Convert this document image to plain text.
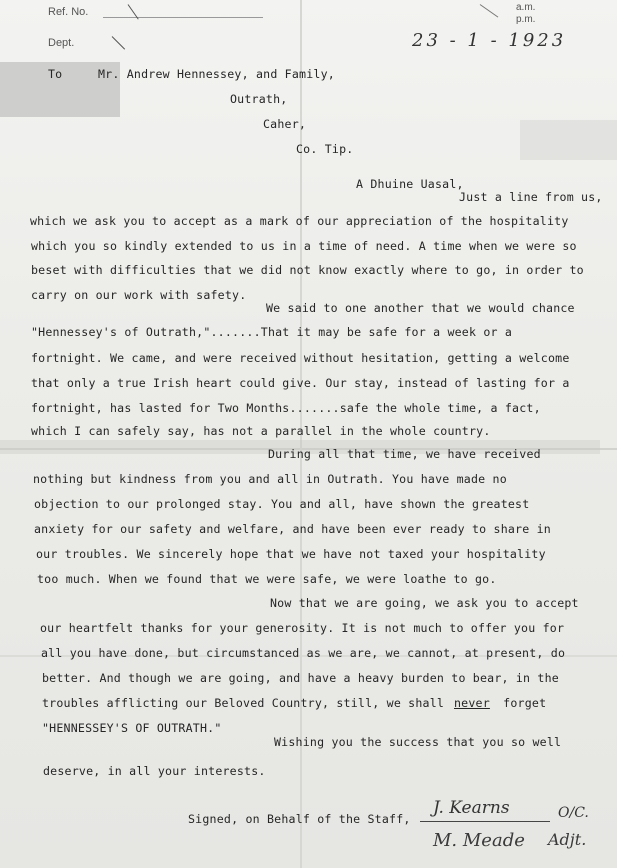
Ref. No.
Dept.
a.m.
p.m.
23 - 1 - 1923
To	Mr. Andrew Hennessey, and Family,
Outrath,
Caher,
Co. Tip.
A Dhuine Uasal,
Just a line from us,
which we ask you to accept as a mark of our appreciation of the hospitality
which you so kindly extended to us in a time of need. A time when we were so
beset with difficulties that we did not know exactly where to go, in order to
carry on our work with safety.
We said to one another that we would chance
"Hennessey's of Outrath,".......That it may be safe for a week or a
fortnight. We came, and were received without hesitation, getting a welcome
that only a true Irish heart could give. Our stay, instead of lasting for a
fortnight, has lasted for Two Months.......safe the whole time, a fact,
which I can safely say, has not a parallel in the whole country.
During all that time, we have received
nothing but kindness from you and all in Outrath. You have made no
objection to our prolonged stay. You and all, have shown the greatest
anxiety for our safety and welfare, and have been ever ready to share in
our troubles. We sincerely hope that we have not taxed your hospitality
too much. When we found that we were safe, we were loathe to go.
Now that we are going, we ask you to accept
our heartfelt thanks for your generosity. It is not much to offer you for
all you have done, but circumstanced as we are, we cannot, at present, do
better. And though we are going, and have a heavy burden to bear, in the
troubles afflicting our Beloved Country, still, we shall never forget
"HENNESSEY'S OF OUTRATH."
Wishing you the success that you so well
deserve, in all your interests.
Signed, on Behalf of the Staff,
J. Kearns	O/C.
M. Meade Adjt.
